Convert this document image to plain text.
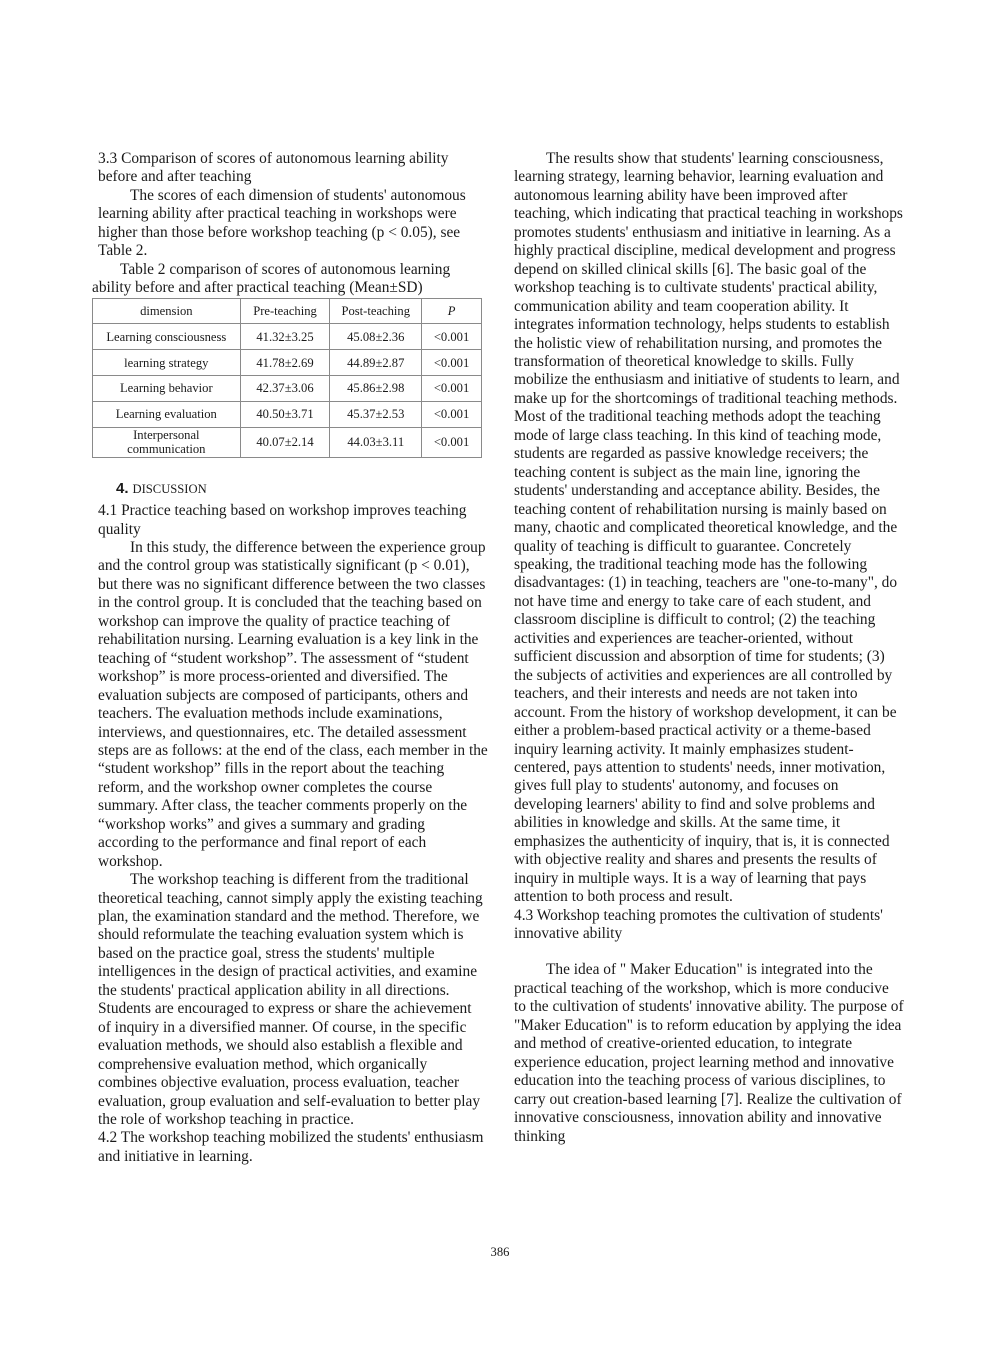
3.3 Comparison of scores of autonomous learning ability before and after teaching

The scores of each dimension of students' autonomous learning ability after practical teaching in workshops were higher than those before workshop teaching (p < 0.05), see Table 2.

Table 2 comparison of scores of autonomous learning

ability before and after practical teaching (Mean±SD)

dimension	Pre-teaching	Post-teaching	P
Learning consciousness	41.32±3.25	45.08±2.36	<0.001
learning strategy	41.78±2.69	44.89±2.87	<0.001
Learning behavior	42.37±3.06	45.86±2.98	<0.001
Learning evaluation	40.50±3.71	45.37±2.53	<0.001
Interpersonal communication	40.07±2.14	44.03±3.11	<0.001

4. DISCUSSION

4.1 Practice teaching based on workshop improves teaching quality

In this study, the difference between the experience group and the control group was statistically significant (p < 0.01), but there was no significant difference between the two classes in the control group. It is concluded that the teaching based on workshop can improve the quality of practice teaching of rehabilitation nursing. Learning evaluation is a key link in the teaching of “student workshop”. The assessment of “student workshop” is more process-oriented and diversified. The evaluation subjects are composed of participants, others and teachers. The evaluation methods include examinations, interviews, and questionnaires, etc. The detailed assessment steps are as follows: at the end of the class, each member in the “student workshop” fills in the report about the teaching reform, and the workshop owner completes the course summary. After class, the teacher comments properly on the “workshop works” and gives a summary and grading according to the performance and final report of each workshop.

The workshop teaching is different from the traditional theoretical teaching, cannot simply apply the existing teaching plan, the examination standard and the method. Therefore, we should reformulate the teaching evaluation system which is based on the practice goal, stress the students' multiple intelligences in the design of practical activities, and examine the students' practical application ability in all directions. Students are encouraged to express or share the achievement of inquiry in a diversified manner. Of course, in the specific evaluation methods, we should also establish a flexible and comprehensive evaluation method, which organically combines objective evaluation, process evaluation, teacher evaluation, group evaluation and self-evaluation to better play the role of workshop teaching in practice.

4.2 The workshop teaching mobilized the students' enthusiasm and initiative in learning.

The results show that students' learning consciousness, learning strategy, learning behavior, learning evaluation and autonomous learning ability have been improved after teaching, which indicating that practical teaching in workshops promotes students' enthusiasm and initiative in learning. As a highly practical discipline, medical development and progress depend on skilled clinical skills [6]. The basic goal of the workshop teaching is to cultivate students' practical ability, communication ability and team cooperation ability. It integrates information technology, helps students to establish the holistic view of rehabilitation nursing, and promotes the transformation of theoretical knowledge to skills. Fully mobilize the enthusiasm and initiative of students to learn, and make up for the shortcomings of traditional teaching methods. Most of the traditional teaching methods adopt the teaching mode of large class teaching. In this kind of teaching mode, students are regarded as passive knowledge receivers; the teaching content is subject as the main line, ignoring the students' understanding and acceptance ability. Besides, the teaching content of rehabilitation nursing is mainly based on many, chaotic and complicated theoretical knowledge, and the quality of teaching is difficult to guarantee. Concretely speaking, the traditional teaching mode has the following disadvantages: (1) in teaching, teachers are "one-to-many", do not have time and energy to take care of each student, and classroom discipline is difficult to control; (2) the teaching activities and experiences are teacher-oriented, without sufficient discussion and absorption of time for students; (3) the subjects of activities and experiences are all controlled by teachers, and their interests and needs are not taken into account. From the history of workshop development, it can be either a problem-based practical activity or a theme-based inquiry learning activity. It mainly emphasizes student-centered, pays attention to students' needs, inner motivation, gives full play to students' autonomy, and focuses on developing learners' ability to find and solve problems and abilities in knowledge and skills. At the same time, it emphasizes the authenticity of inquiry, that is, it is connected with objective reality and shares and presents the results of inquiry in multiple ways. It is a way of learning that pays attention to both process and result.

4.3 Workshop teaching promotes the cultivation of students' innovative ability

The idea of " Maker Education" is integrated into the practical teaching of the workshop, which is more conducive to the cultivation of students' innovative ability. The purpose of "Maker Education" is to reform education by applying the idea and method of creative-oriented education, to integrate experience education, project learning method and innovative education into the teaching process of various disciplines, to carry out creation-based learning [7]. Realize the cultivation of innovative consciousness, innovation ability and innovative thinking

386
